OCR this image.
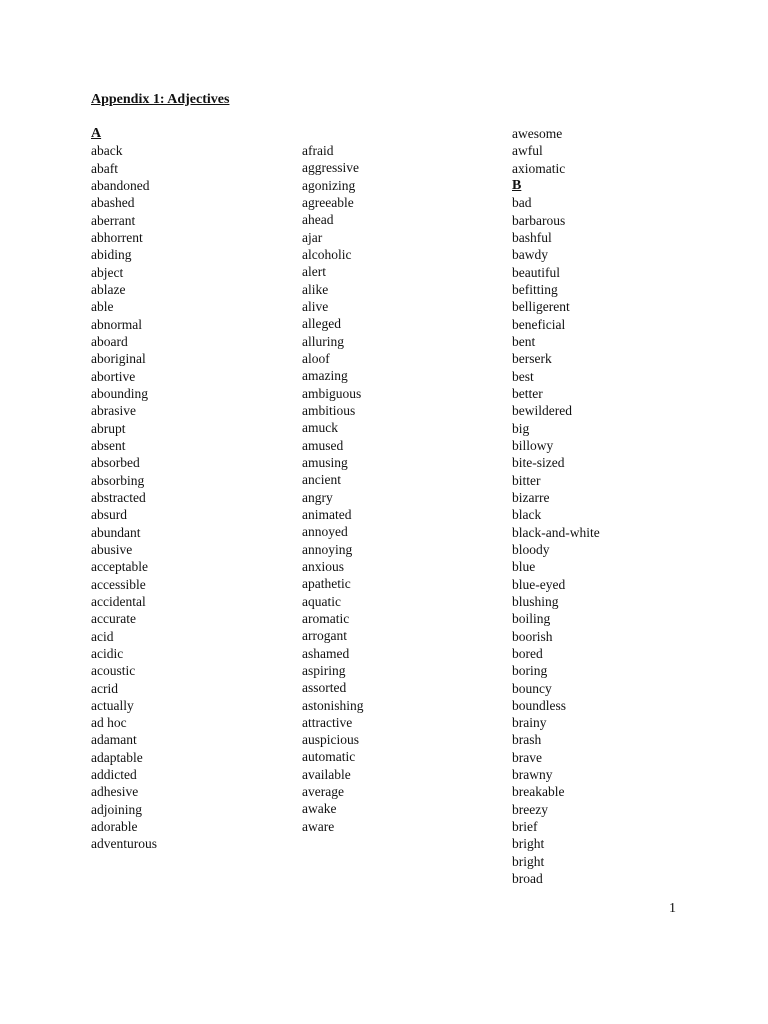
Appendix 1: Adjectives
A
aback
abaft
abandoned
abashed
aberrant
abhorrent
abiding
abject
ablaze
able
abnormal
aboard
aboriginal
abortive
abounding
abrasive
abrupt
absent
absorbed
absorbing
abstracted
absurd
abundant
abusive
acceptable
accessible
accidental
accurate
acid
acidic
acoustic
acrid
actually
ad hoc
adamant
adaptable
addicted
adhesive
adjoining
adorable
adventurous
afraid
aggressive
agonizing
agreeable
ahead
ajar
alcoholic
alert
alike
alive
alleged
alluring
aloof
amazing
ambiguous
ambitious
amuck
amused
amusing
ancient
angry
animated
annoyed
annoying
anxious
apathetic
aquatic
aromatic
arrogant
ashamed
aspiring
assorted
astonishing
attractive
auspicious
automatic
available
average
awake
aware
awesome
awful
axiomatic
B
bad
barbarous
bashful
bawdy
beautiful
befitting
belligerent
beneficial
bent
berserk
best
better
bewildered
big
billowy
bite-sized
bitter
bizarre
black
black-and-white
bloody
blue
blue-eyed
blushing
boiling
boorish
bored
boring
bouncy
boundless
brainy
brash
brave
brawny
breakable
breezy
brief
bright
bright
broad
1
